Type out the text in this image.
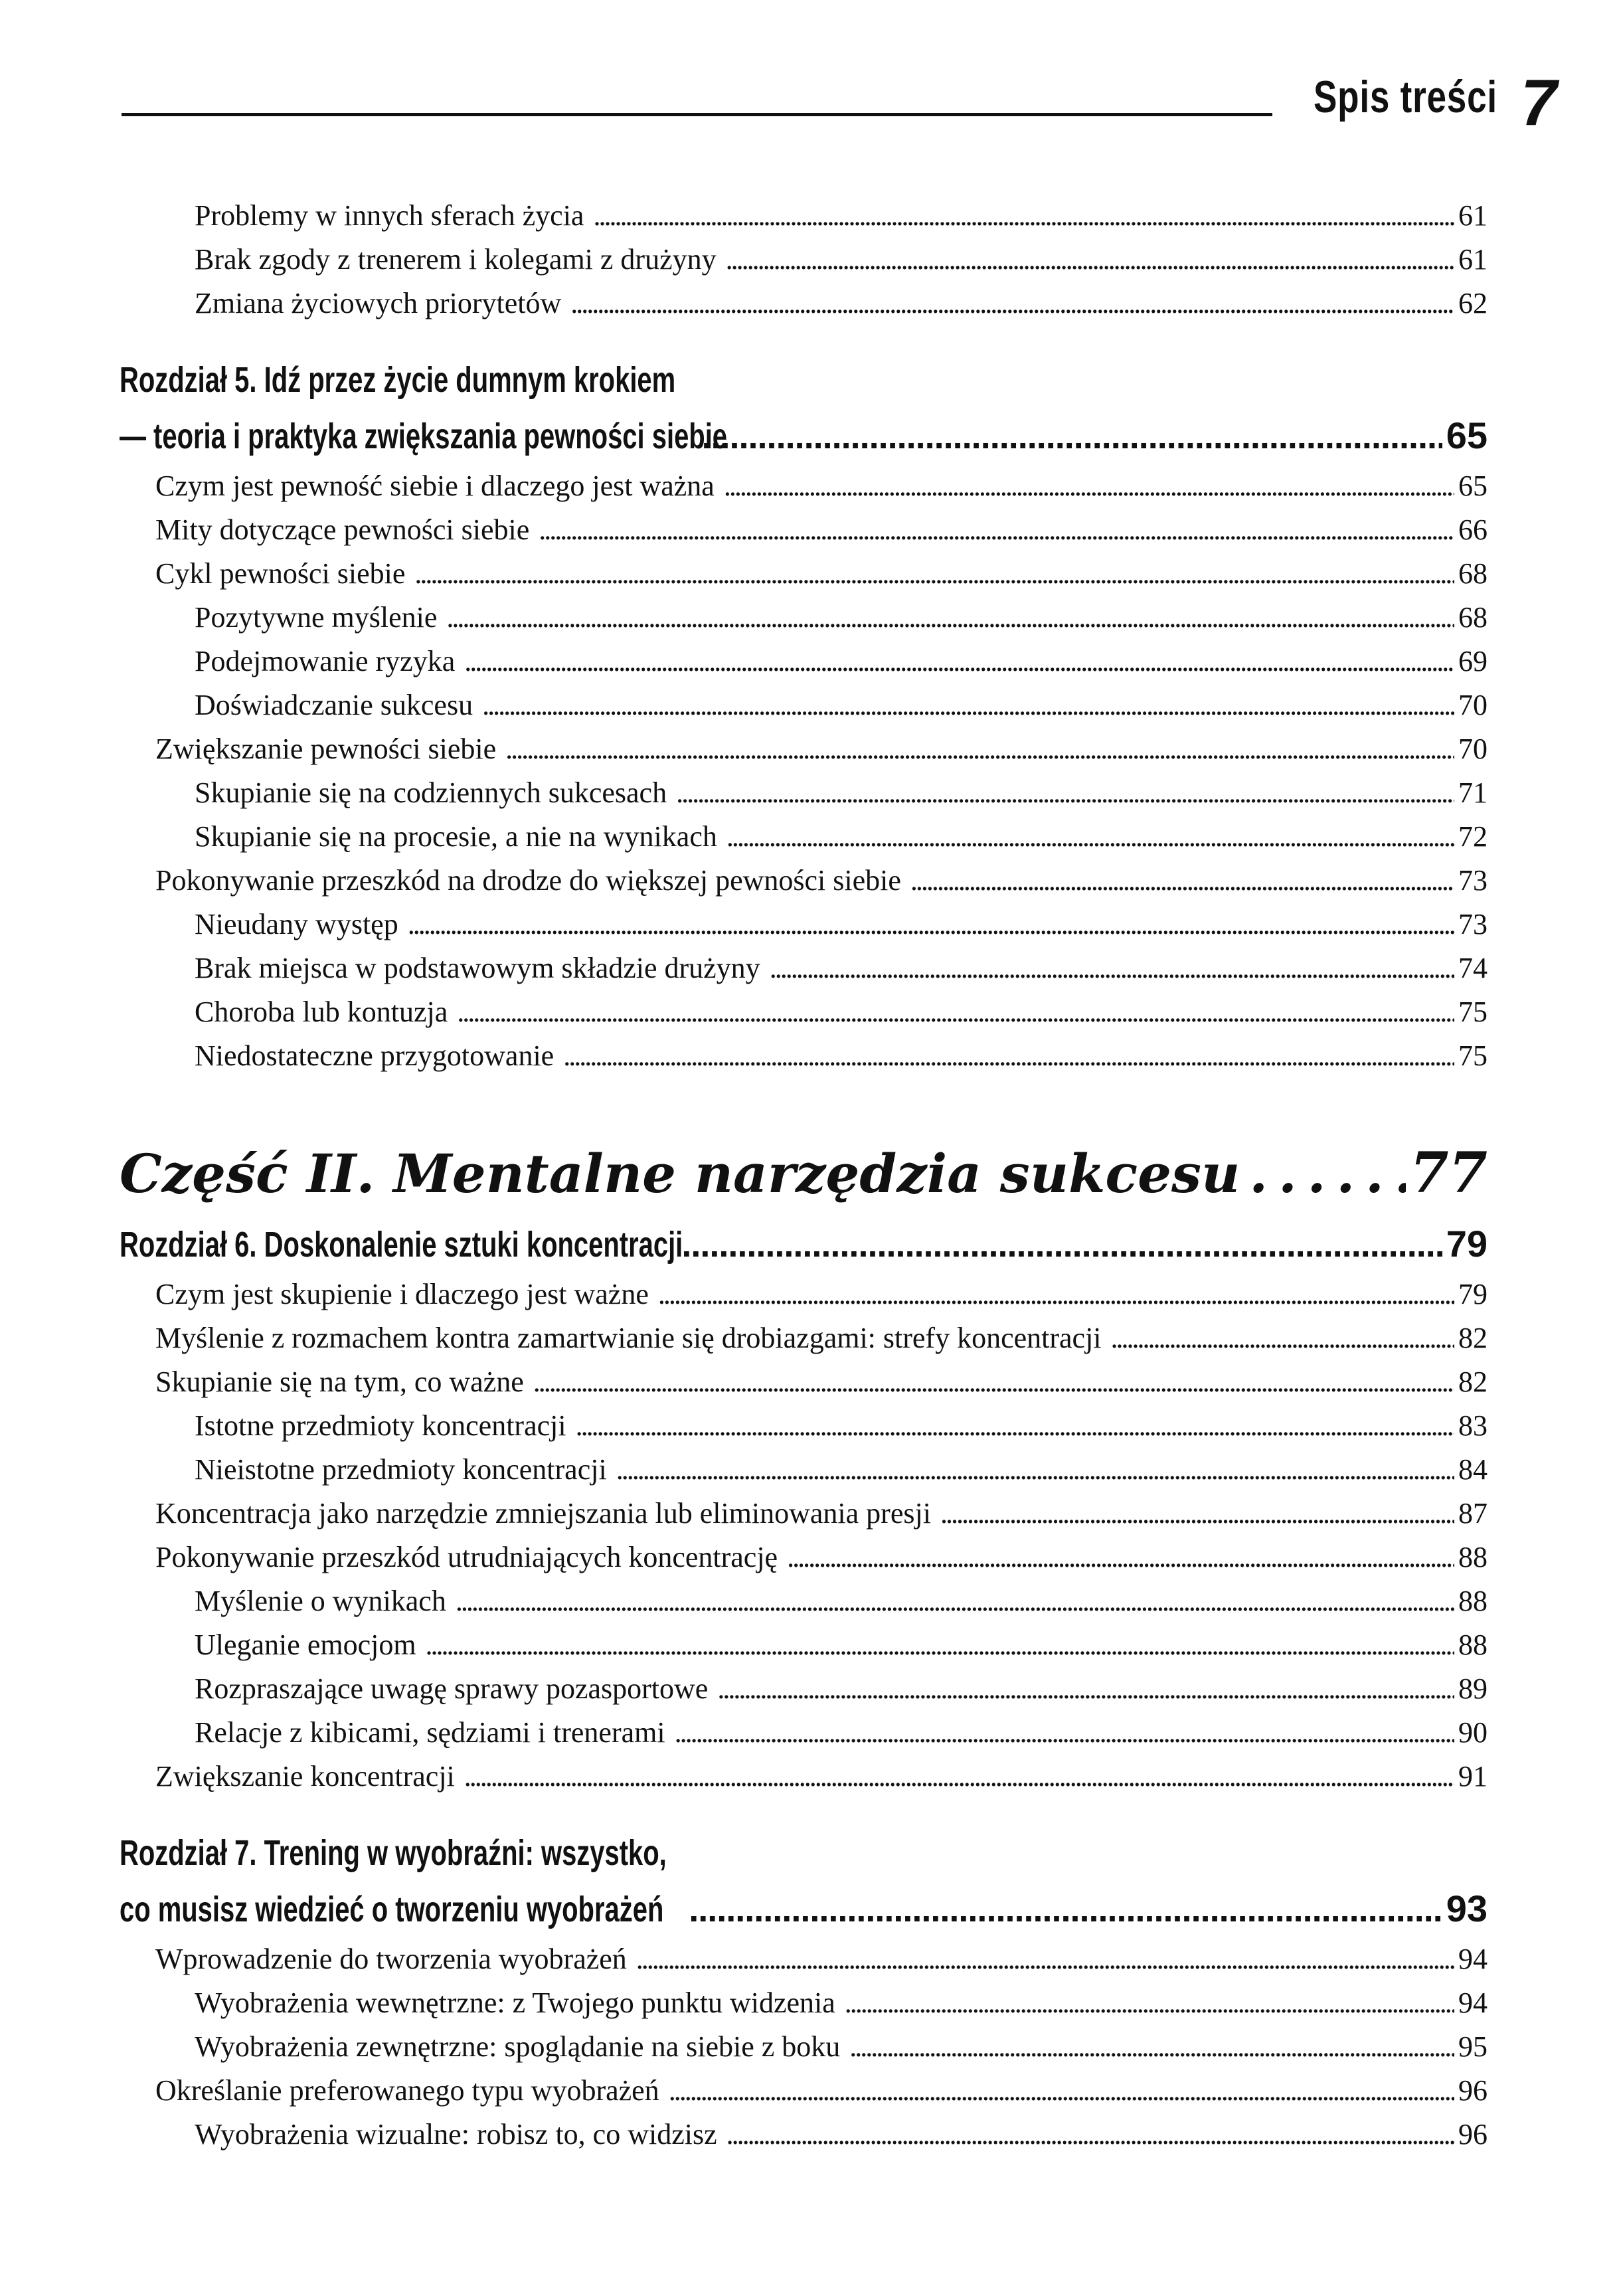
Spis treści 7
Problemy w innych sferach życia . . .	61
Brak zgody z trenerem i kolegami z drużyny . . .	61
Zmiana życiowych priorytetów . . .	62
Rozdział 5. Idź przez życie dumnym krokiem
— teoria i praktyka zwiększania pewności siebie . . .	65
Czym jest pewność siebie i dlaczego jest ważna . . .	65
Mity dotyczące pewności siebie . . .	66
Cykl pewności siebie . . .	68
Pozytywne myślenie . . .	68
Podejmowanie ryzyka . . .	69
Doświadczanie sukcesu . . .	70
Zwiększanie pewności siebie . . .	70
Skupianie się na codziennych sukcesach . . .	71
Skupianie się na procesie, a nie na wynikach . . .	72
Pokonywanie przeszkód na drodze do większej pewności siebie . . .	73
Nieudany występ . . .	73
Brak miejsca w podstawowym składzie drużyny . . .	74
Choroba lub kontuzja . . .	75
Niedostateczne przygotowanie . . .	75
Część II. Mentalne narzędzia sukcesu . . .	77
Rozdział 6. Doskonalenie sztuki koncentracji . . .	79
Czym jest skupienie i dlaczego jest ważne . . .	79
Myślenie z rozmachem kontra zamartwianie się drobiazgami: strefy koncentracji . . .	82
Skupianie się na tym, co ważne . . .	82
Istotne przedmioty koncentracji . . .	83
Nieistotne przedmioty koncentracji . . .	84
Koncentracja jako narzędzie zmniejszania lub eliminowania presji . . .	87
Pokonywanie przeszkód utrudniających koncentrację . . .	88
Myślenie o wynikach . . .	88
Uleganie emocjom . . .	88
Rozpraszające uwagę sprawy pozasportowe . . .	89
Relacje z kibicami, sędziami i trenerami . . .	90
Zwiększanie koncentracji . . .	91
Rozdział 7. Trening w wyobraźni: wszystko,
co musisz wiedzieć o tworzeniu wyobrażeń . . .	93
Wprowadzenie do tworzenia wyobrażeń . . .	94
Wyobrażenia wewnętrzne: z Twojego punktu widzenia . . .	94
Wyobrażenia zewnętrzne: spoglądanie na siebie z boku . . .	95
Określanie preferowanego typu wyobrażeń . . .	96
Wyobrażenia wizualne: robisz to, co widzisz . . .	96
